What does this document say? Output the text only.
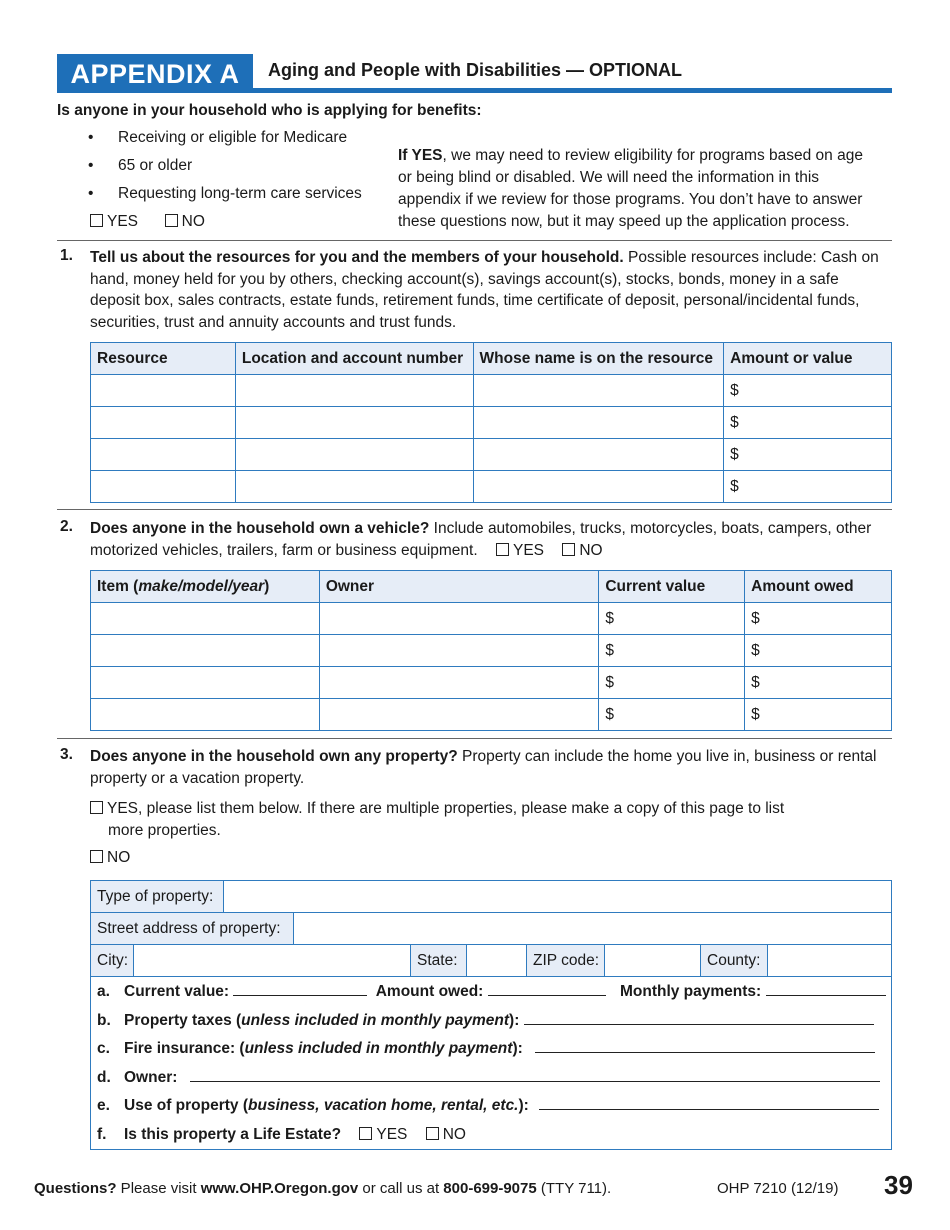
APPENDIX A	Aging and People with Disabilities — OPTIONAL
Is anyone in your household who is applying for benefits:
• Receiving or eligible for Medicare
• 65 or older
• Requesting long-term care services
YES	NO
If YES, we may need to review eligibility for programs based on age or being blind or disabled. We will need the information in this appendix if we review for those programs. You don’t have to answer these questions now, but it may speed up the application process.
1. Tell us about the resources for you and the members of your household. Possible resources include: Cash on hand, money held for you by others, checking account(s), savings account(s), stocks, bonds, money in a safe deposit box, sales contracts, estate funds, retirement funds, time certificate of deposit, personal/incidental funds, securities, trust and annuity accounts and trust funds.
Resource	Location and account number	Whose name is on the resource	Amount or value
			$
			$
			$
			$
2. Does anyone in the household own a vehicle? Include automobiles, trucks, motorcycles, boats, campers, other motorized vehicles, trailers, farm or business equipment. YES NO
Item (make/model/year)	Owner	Current value	Amount owed
		$	$
		$	$
		$	$
		$	$
3. Does anyone in the household own any property? Property can include the home you live in, business or rental property or a vacation property.
YES, please list them below. If there are multiple properties, please make a copy of this page to list
more properties.
NO
Type of property:
Street address of property:
City:	State:	ZIP code:	County:
a. Current value:	Amount owed:	Monthly payments:
b. Property taxes (unless included in monthly payment):
c. Fire insurance: (unless included in monthly payment):
d. Owner:
e. Use of property (business, vacation home, rental, etc.):
f. Is this property a Life Estate? YES NO
Questions? Please visit www.OHP.Oregon.gov or call us at 800-699-9075 (TTY 711).	OHP 7210 (12/19) 39
